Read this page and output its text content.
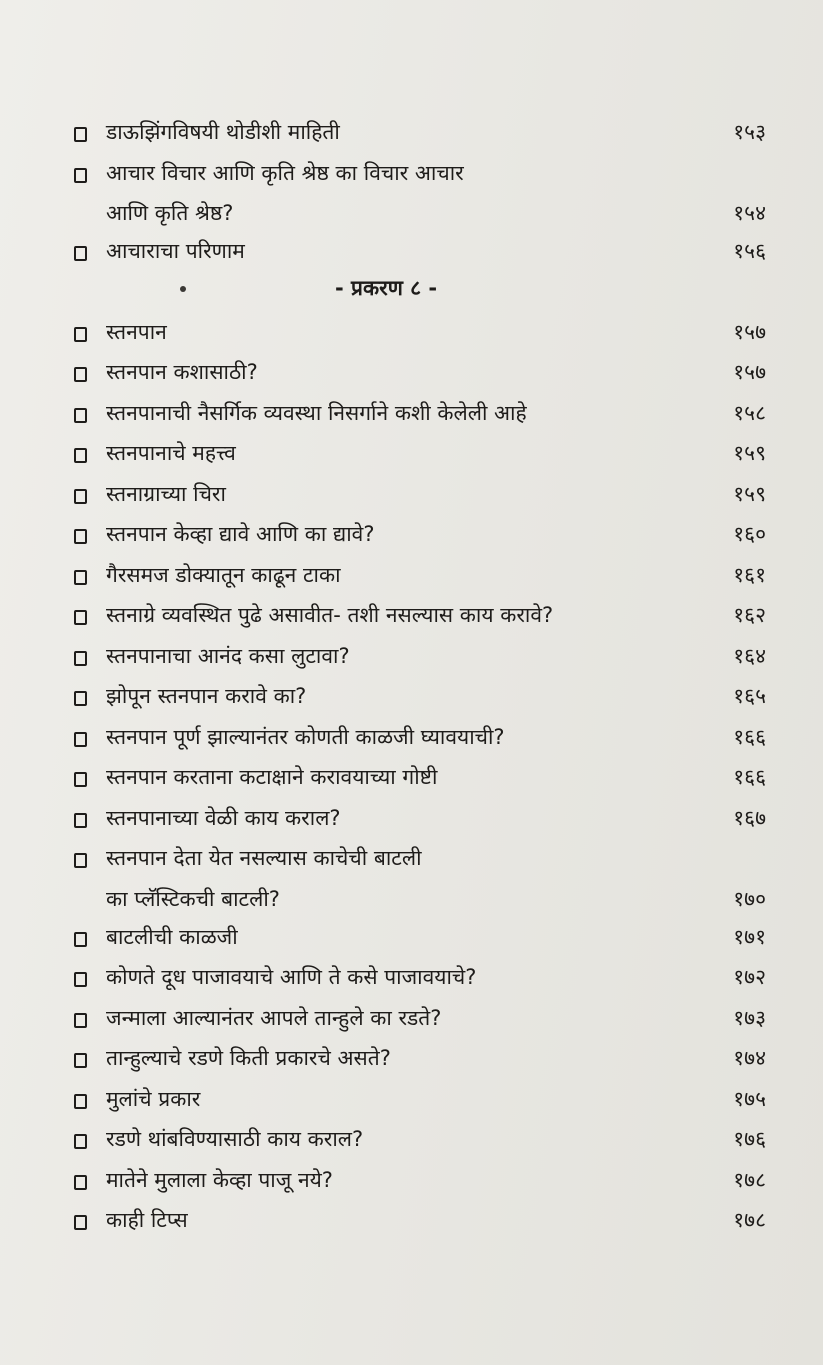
डाऊझिंगविषयी थोडीशी माहिती	१५३
आचार विचार आणि कृति श्रेष्ठ का विचार आचार
आणि कृति श्रेष्ठ?	१५४
आचाराचा परिणाम	१५६
- प्रकरण ८ -
स्तनपान	१५७
स्तनपान कशासाठी?	१५७
स्तनपानाची नैसर्गिक व्यवस्था निसर्गाने कशी केलेली आहे	१५८
स्तनपानाचे महत्त्व	१५९
स्तनाग्राच्या चिरा	१५९
स्तनपान केव्हा द्यावे आणि का द्यावे?	१६०
गैरसमज डोक्यातून काढून टाका	१६१
स्तनाग्रे व्यवस्थित पुढे असावीत- तशी नसल्यास काय करावे?	१६२
स्तनपानाचा आनंद कसा लुटावा?	१६४
झोपून स्तनपान करावे का?	१६५
स्तनपान पूर्ण झाल्यानंतर कोणती काळजी घ्यावयाची?	१६६
स्तनपान करताना कटाक्षाने करावयाच्या गोष्टी	१६६
स्तनपानाच्या वेळी काय कराल?	१६७
स्तनपान देता येत नसल्यास काचेची बाटली
का प्लॅस्टिकची बाटली?	१७०
बाटलीची काळजी	१७१
कोणते दूध पाजावयाचे आणि ते कसे पाजावयाचे?	१७२
जन्माला आल्यानंतर आपले तान्हुले का रडते?	१७३
तान्हुल्याचे रडणे किती प्रकारचे असते?	१७४
मुलांचे प्रकार	१७५
रडणे थांबविण्यासाठी काय कराल?	१७६
मातेने मुलाला केव्हा पाजू नये?	१७८
काही टिप्स	१७८
